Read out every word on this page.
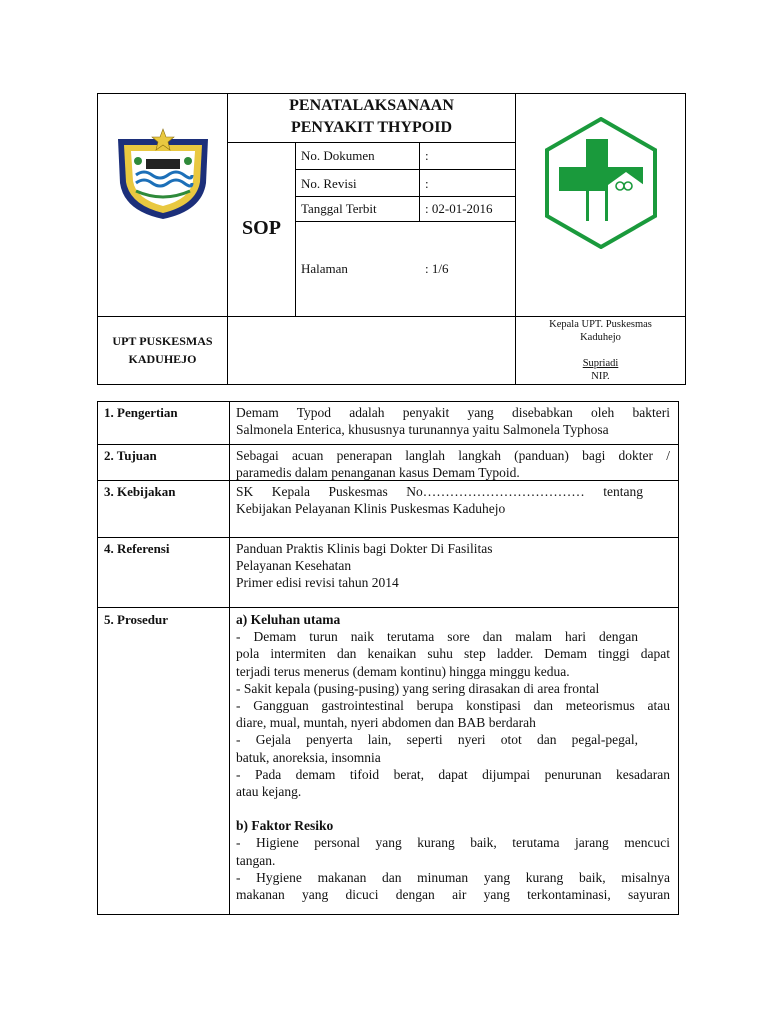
PENATALAKSANAAN
PENYAKIT THYPOID
SOP
No. Dokumen	:
No. Revisi	:
Tanggal Terbit	: 02-01-2016
Halaman	: 1/6
UPT PUSKESMAS
KADUHEJO
Kepala UPT. Puskesmas
Kaduhejo
Supriadi
NIP.
1. Pengertian	Demam Typod adalah penyakit yang disebabkan oleh bakteri
Salmonela Enterica, khususnya turunannya yaitu Salmonela Typhosa
2. Tujuan	Sebagai acuan penerapan langlah langkah (panduan) bagi dokter /
paramedis dalam penanganan kasus Demam Typoid.
3. Kebijakan	SK Kepala Puskesmas No……………………………… tentang
Kebijakan Pelayanan Klinis Puskesmas Kaduhejo
4. Referensi	Panduan Praktis Klinis bagi Dokter Di Fasilitas
Pelayanan Kesehatan
Primer edisi revisi tahun 2014
5. Prosedur	a) Keluhan utama
- Demam turun naik terutama sore dan malam hari dengan
pola intermiten dan kenaikan suhu step ladder. Demam tinggi dapat
terjadi terus menerus (demam kontinu) hingga minggu kedua.
- Sakit kepala (pusing-pusing) yang sering dirasakan di area frontal
- Gangguan gastrointestinal berupa konstipasi dan meteorismus atau
diare, mual, muntah, nyeri abdomen dan BAB berdarah
- Gejala penyerta lain, seperti nyeri otot dan pegal-pegal,
batuk, anoreksia, insomnia
- Pada demam tifoid berat, dapat dijumpai penurunan kesadaran
atau kejang.
b) Faktor Resiko
- Higiene personal yang kurang baik, terutama jarang mencuci
tangan.
- Hygiene makanan dan minuman yang kurang baik, misalnya
makanan yang dicuci dengan air yang terkontaminasi, sayuran
